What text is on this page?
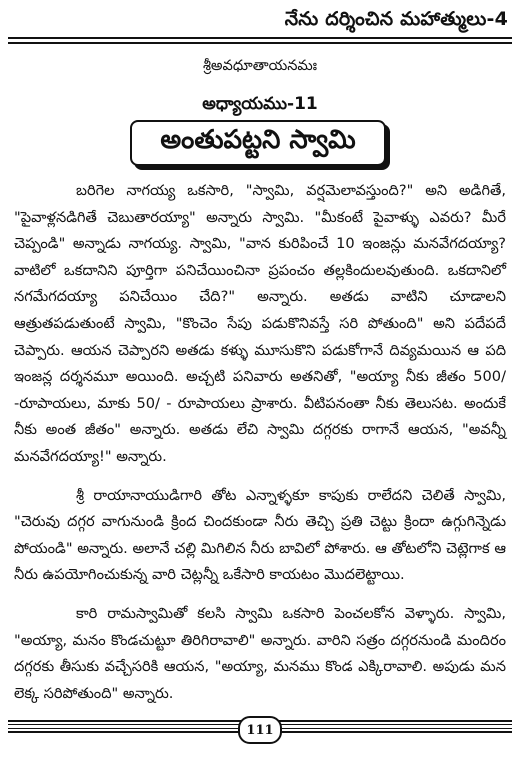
నేను దర్శించిన మహాత్ములు-4
శ్రీఅవధూతాయనమః
అధ్యాయము-11
అంతుపట్టని స్వామి

బరిగెల నాగయ్య ఒకసారి, "స్వామి, వర్షమెలావస్తుంది?" అని అడిగితే, "పైవాళ్లనడిగితే చెబుతారయ్యా" అన్నారు స్వామి. "మీకంటే పైవాళ్ళు ఎవరు? మీరే చెప్పండి" అన్నాడు నాగయ్య. స్వామి, "వాన కురిపించే 10 ఇంజన్లు మనవేగదయ్యా? వాటిలో ఒకదానిని పూర్తిగా పనిచేయించినా ప్రపంచం తల్లకిందులవుతుంది. ఒకదానిలో నగమేగదయ్యా పనిచేయిం చేది?" అన్నారు. అతడు వాటిని చూడాలని ఆత్రుతపడుతుంటే స్వామి, "కొంచెం సేపు పడుకొనివస్తే సరి పోతుంది" అని పదేపదే చెప్పారు. ఆయన చెప్పారని అతడు కళ్ళు మూసుకొని పడుకోగానే దివ్యమయిన ఆ పది ఇంజన్ల దర్శనమూ అయింది. అచ్చటి పనివారు అతనితో, "అయ్యా నీకు జీతం 500/ -రూపాయలు, మాకు 50/ - రూపాయలు ప్రాశారు. వీటిపనంతా నీకు తెలుసట. అందుకే నీకు అంత జీతం" అన్నారు. అతడు లేచి స్వామి దగ్గరకు రాగానే ఆయన, "అవన్నీ మనవేగదయ్యా!" అన్నారు.

శ్రీ రాయానాయుడిగారి తోట ఎన్నాళ్ళకూ కాపుకు రాలేదని చెలితే స్వామి, "చెరువు దగ్గర వాగునుండి క్రింద చిందకుండా నీరు తెచ్చి ప్రతి చెట్టు క్రిందా ఉగ్గుగిన్నెడు పోయండి" అన్నారు. అలానే చల్లి మిగిలిన నీరు బావిలో పోశారు. ఆ తోటలోని చెట్లెగాక ఆ నీరు ఉపయోగించుకున్న వారి చెట్లన్నీ ఒకేసారి కాయటం మొదలెట్టాయి.

కారి రామస్వామితో కలసి స్వామి ఒకసారి పెంచలకోన వెళ్ళారు. స్వామి, "అయ్యా, మనం కొండచుట్టూ తిరిగిరావాలి" అన్నారు. వారిని సత్రం దగ్గరనుండి మందిరం దగ్గరకు తీసుకు వచ్చేసరికి ఆయన, "అయ్యా, మనము కొండ ఎక్కిరావాలి. అపుడు మన లెక్క సరిపోతుంది" అన్నారు.

111
